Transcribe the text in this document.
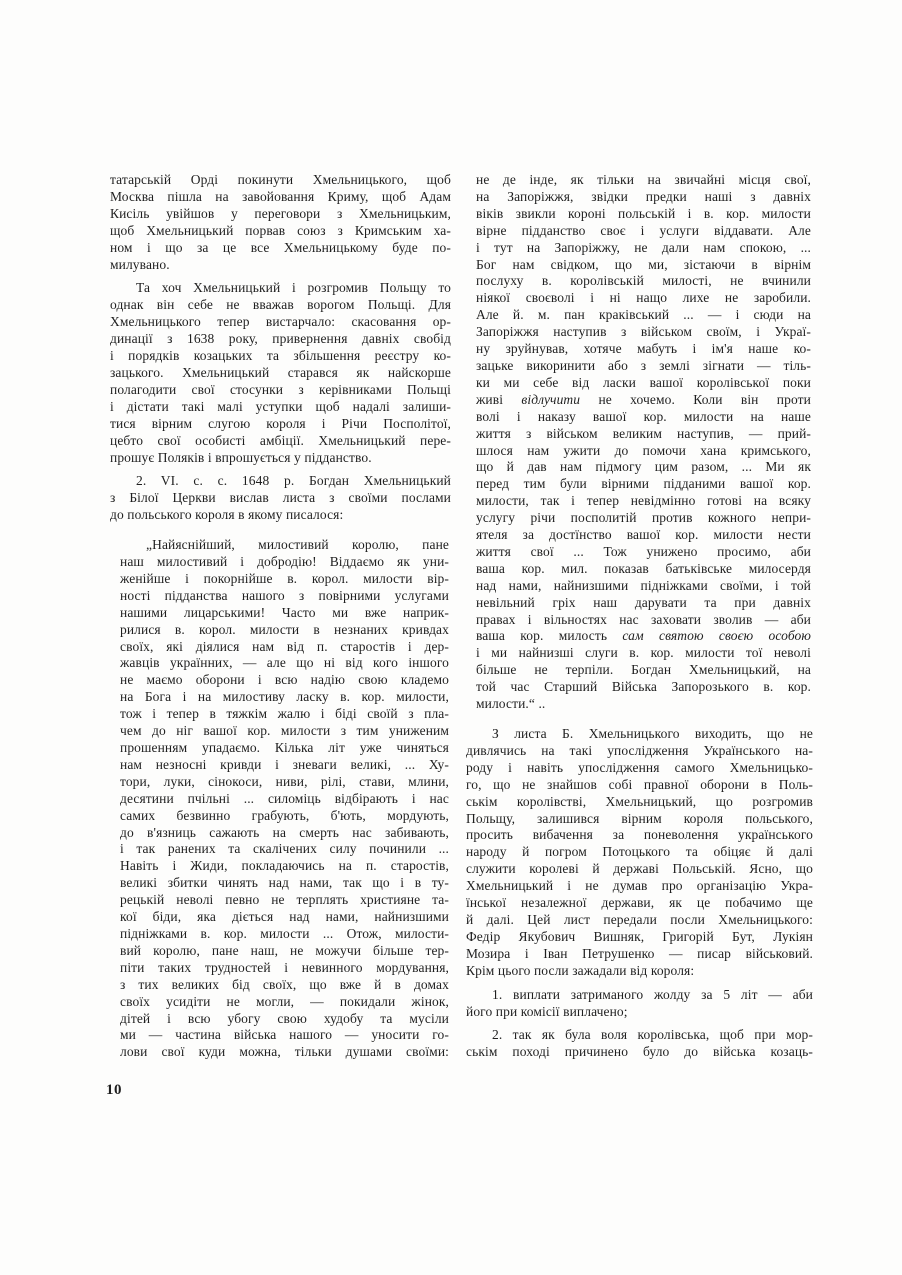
татарській Орді покинути Хмельницького, щоб
Москва пішла на завойовання Криму, щоб Адам
Кисіль увійшов у переговори з Хмельницьким,
щоб Хмельницький порвав союз з Кримським ха-
ном і що за це все Хмельницькому буде по-
милувано.
Та хоч Хмельницький і розгромив Польщу то
однак він себе не вважав ворогом Польщі. Для
Хмельницького тепер вистарчало: скасовання ор-
динації з 1638 року, привернення давніх свобід
і порядків козацьких та збільшення реєстру ко-
зацького. Хмельницький старався як найскорше
полагодити свої стосунки з керівниками Польщі
і дістати такі малі уступки щоб надалі залиши-
тися вірним слугою короля і Річи Посполітої,
цебто свої особисті амбіції. Хмельницький пере-
прошує Поляків і впрошується у підданство.
2. VI. с. с. 1648 р. Богдан Хмельницький
з Білої Церкви вислав листа з своїми послами
до польського короля в якому писалося:
„Найяснійший, милостивий королю, пане
наш милостивий і добродію! Віддаємо як уни-
женійше і покорнійше в. корол. милости вір-
ності підданства нашого з повірними услугами
нашими лицарськими! Часто ми вже наприк-
рилися в. корол. милости в незнаних кривдах
своїх, які діялися нам від п. старостів і дер-
жавців українних, — але що ні від кого іншого
не маємо оборони і всю надію свою кладемо
на Бога і на милостиву ласку в. кор. милости,
тож і тепер в тяжкім жалю і біді своїй з пла-
чем до ніг вашої кор. милости з тим униженим
прошенням упадаємо. Кілька літ уже чиняться
нам незносні кривди і зневаги великі, ... Ху-
тори, луки, сінокоси, ниви, рілі, стави, млини,
десятини пчільні ... силоміць відбірають і нас
самих безвинно грабують, б'ють, мордують,
до в'язниць сажають на смерть нас забивають,
і так ранених та скалічених силу починили ...
Навіть і Жиди, покладаючись на п. старостів,
великі збитки чинять над нами, так що і в ту-
рецькій неволі певно не терплять християне та-
кої біди, яка діється над нами, найнизшими
підніжками в. кор. милости ... Отож, милости-
вий королю, пане наш, не можучи більше тер-
піти таких трудностей і невинного мордування,
з тих великих бід своїх, що вже й в домах
своїх усидіти не могли, — покидали жінок,
дітей і всю убогу свою худобу та мусіли
ми — частина війська нашого — уносити го-
лови свої куди можна, тільки душами своїми:
не де інде, як тільки на звичайні місця свої,
на Запоріжжя, звідки предки наші з давніх
віків звикли короні польській і в. кор. милости
вірне підданство своє і услуги віддавати. Але
і тут на Запоріжжу, не дали нам спокою, ...
Бог нам свідком, що ми, зістаючи в вірнім
послуху в. королівській милості, не вчинили
ніякої своєволі і ні нащо лихе не заробили.
Але й. м. пан краківський ... — і сюди на
Запоріжжя наступив з військом своїм, і Украї-
ну зруйнував, хотяче мабуть і ім'я наше ко-
зацьке викоринити або з землі зігнати — тіль-
ки ми себе від ласки вашої королівської поки
живі відлучити не хочемо. Коли він проти
волі і наказу вашої кор. милости на наше
життя з військом великим наступив, — прий-
шлося нам ужити до помочи хана кримського,
що й дав нам підмогу цим разом, ... Ми як
перед тим були вірними підданими вашої кор.
милости, так і тепер невідмінно готові на всяку
услугу річи посполитій против кожного непри-
ятеля за достїнство вашої кор. милости нести
життя свої ... Тож унижено просимо, аби
ваша кор. мил. показав батьківське милосердя
над нами, найнизшими підніжками своїми, і той
невільний гріх наш дарувати та при давніх
правах і вільностях нас заховати зволив — аби
ваша кор. милость сам святою своєю особою
і ми найнизші слуги в. кор. милости тої неволі
більше не терпіли. Богдан Хмельницький, на
той час Старший Війська Запорозького в. кор.
милости.“ ..
З листа Б. Хмельницького виходить, що не
дивлячись на такі упослідження Українського на-
роду і навіть упослідження самого Хмельницько-
го, що не знайшов собі правної оборони в Поль-
ськім королівстві, Хмельницький, що розгромив
Польщу, залишився вірним короля польського,
просить вибачення за поневолення українського
народу й погром Потоцького та обіцяє й далі
служити королеві й державі Польській. Ясно, що
Хмельницький і не думав про організацію Укра-
їнської незалежної держави, як це побачимо ще
й далі. Цей лист передали посли Хмельницького:
Федір Якубович Вишняк, Григорій Бут, Лукіян
Мозира і Іван Петрушенко — писар військовий.
Крім цього посли зажадали від короля:
1. виплати затриманого жолду за 5 літ — аби
його при комісії виплачено;
2. так як була воля королівська, щоб при мор-
ськім поході причинено було до війська козаць-
10
